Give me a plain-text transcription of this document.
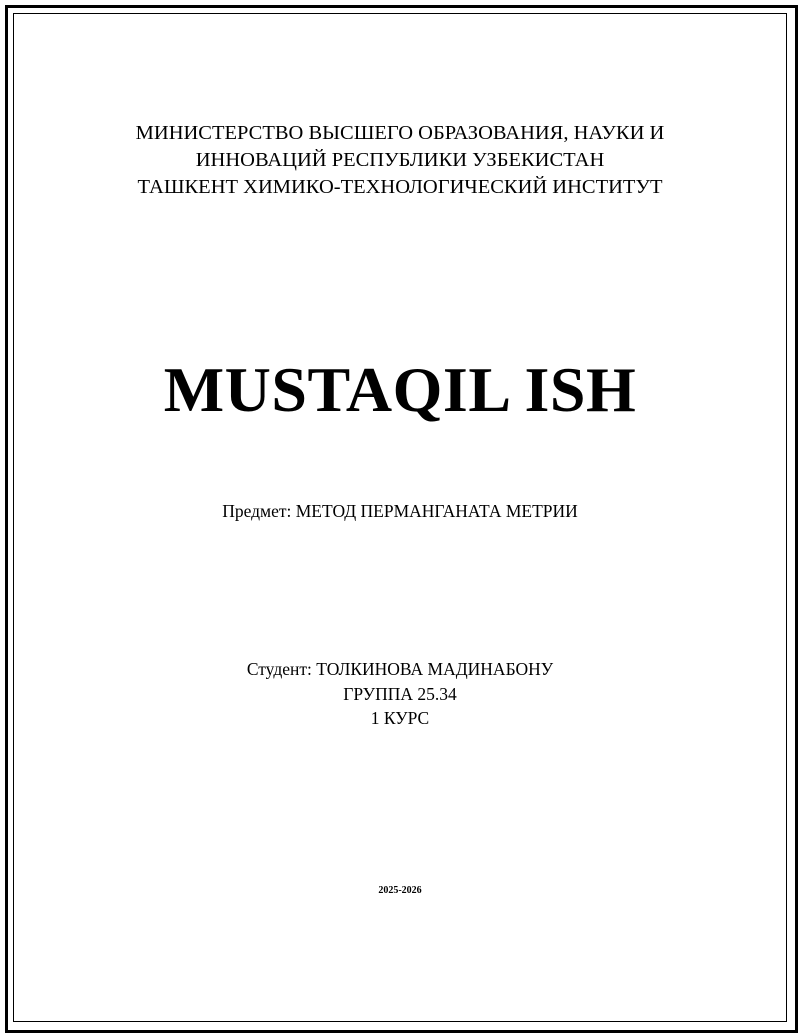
МИНИСТЕРСТВО ВЫСШЕГО ОБРАЗОВАНИЯ, НАУКИ И
ИННОВАЦИЙ РЕСПУБЛИКИ УЗБЕКИСТАН
ТАШКЕНТ ХИМИКО-ТЕХНОЛОГИЧЕСКИЙ ИНСТИТУТ
MUSTAQIL ISH
Предмет: МЕТОД ПЕРМАНГАНАТА МЕТРИИ
Студент: ТОЛКИНОВА МАДИНАБОНУ
ГРУППА 25.34
1 КУРС
2025-2026
